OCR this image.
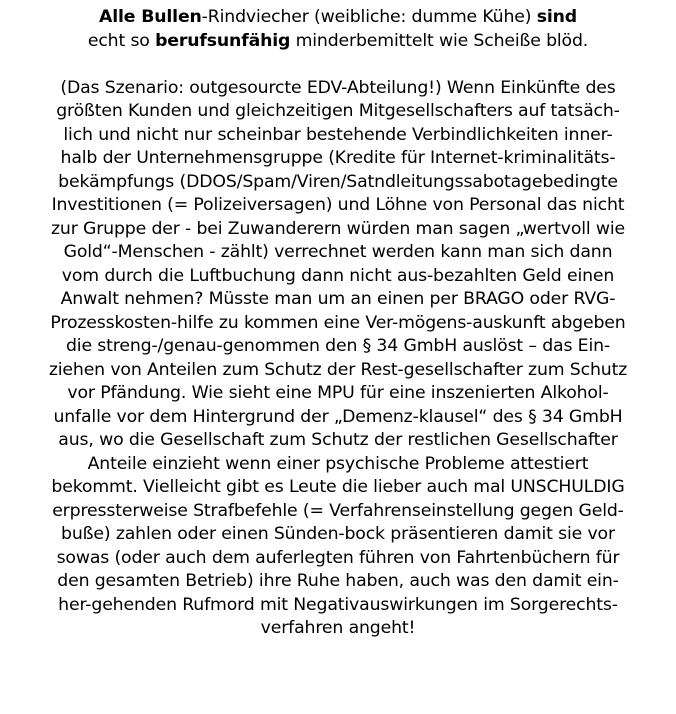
Alle Bullen-Rindviecher (weibliche: dumme Kühe) sind
echt so berufsunfähig minderbemittelt wie Scheiße blöd.
(Das Szenario: outgesourcte EDV-Abteilung!) Wenn Einkünfte des
größten Kunden und gleichzeitigen Mitgesellschafters auf tatsäch-
lich und nicht nur scheinbar bestehende Verbindlichkeiten inner-
halb der Unternehmensgruppe (Kredite für Internet-kriminalitäts-
bekämpfungs (DDOS/Spam/Viren/Satndleitungssabotagebedingte
Investitionen (= Polizeiversagen) und Löhne von Personal das nicht
zur Gruppe der - bei Zuwanderern würden man sagen „wertvoll wie
Gold“-Menschen - zählt) verrechnet werden kann man sich dann
vom durch die Luftbuchung dann nicht aus-bezahlten Geld einen
Anwalt nehmen? Müsste man um an einen per BRAGO oder RVG-
Prozesskosten-hilfe zu kommen eine Ver-mögens-auskunft abgeben
die streng-/genau-genommen den § 34 GmbH auslöst – das Ein-
ziehen von Anteilen zum Schutz der Rest-gesellschafter zum Schutz
vor Pfändung. Wie sieht eine MPU für eine inszenierten Alkohol-
unfalle vor dem Hintergrund der „Demenz-klausel“ des § 34 GmbH
aus, wo die Gesellschaft zum Schutz der restlichen Gesellschafter
Anteile einzieht wenn einer psychische Probleme attestiert
bekommt. Vielleicht gibt es Leute die lieber auch mal UNSCHULDIG
erpressterweise Strafbefehle (= Verfahrenseinstellung gegen Geld-
buße) zahlen oder einen Sünden-bock präsentieren damit sie vor
sowas (oder auch dem auferlegten führen von Fahrtenbüchern für
den gesamten Betrieb) ihre Ruhe haben, auch was den damit ein-
her-gehenden Rufmord mit Negativauswirkungen im Sorgerechts-
verfahren angeht!
